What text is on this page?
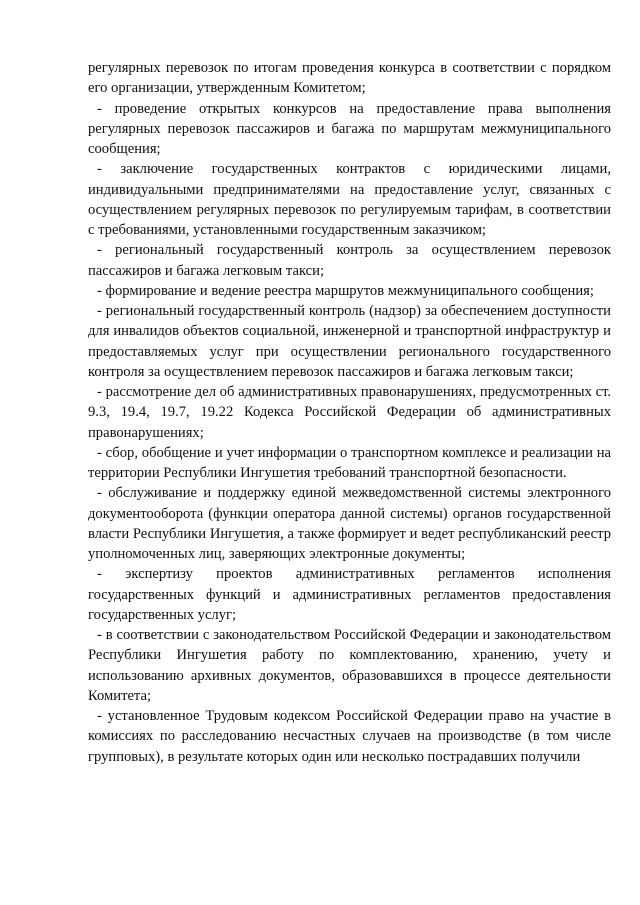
регулярных перевозок по итогам проведения конкурса в соответствии с порядком его организации, утвержденным Комитетом;

- проведение открытых конкурсов на предоставление права выполнения регулярных перевозок пассажиров и багажа по маршрутам межмуниципального сообщения;

- заключение государственных контрактов с юридическими лицами, индивидуальными предпринимателями на предоставление услуг, связанных с осуществлением регулярных перевозок по регулируемым тарифам, в соответствии с требованиями, установленными государственным заказчиком;

- региональный государственный контроль за осуществлением перевозок пассажиров и багажа легковым такси;

- формирование и ведение реестра маршрутов межмуниципального сообщения;

- региональный государственный контроль (надзор) за обеспечением доступности для инвалидов объектов социальной, инженерной и транспортной инфраструктур и предоставляемых услуг при осуществлении регионального государственного контроля за осуществлением перевозок пассажиров и багажа легковым такси;

- рассмотрение дел об административных правонарушениях, предусмотренных ст. 9.3, 19.4, 19.7, 19.22 Кодекса Российской Федерации об административных правонарушениях;

- сбор, обобщение и учет информации о транспортном комплексе и реализации на территории Республики Ингушетия требований транспортной безопасности.

- обслуживание и поддержку единой межведомственной системы электронного документооборота (функции оператора данной системы) органов государственной власти Республики Ингушетия, а также формирует и ведет республиканский реестр уполномоченных лиц, заверяющих электронные документы;

- экспертизу проектов административных регламентов исполнения государственных функций и административных регламентов предоставления государственных услуг;

- в соответствии с законодательством Российской Федерации и законодательством Республики Ингушетия работу по комплектованию, хранению, учету и использованию архивных документов, образовавшихся в процессе деятельности Комитета;

- установленное Трудовым кодексом Российской Федерации право на участие в комиссиях по расследованию несчастных случаев на производстве (в том числе групповых), в результате которых один или несколько пострадавших получили
